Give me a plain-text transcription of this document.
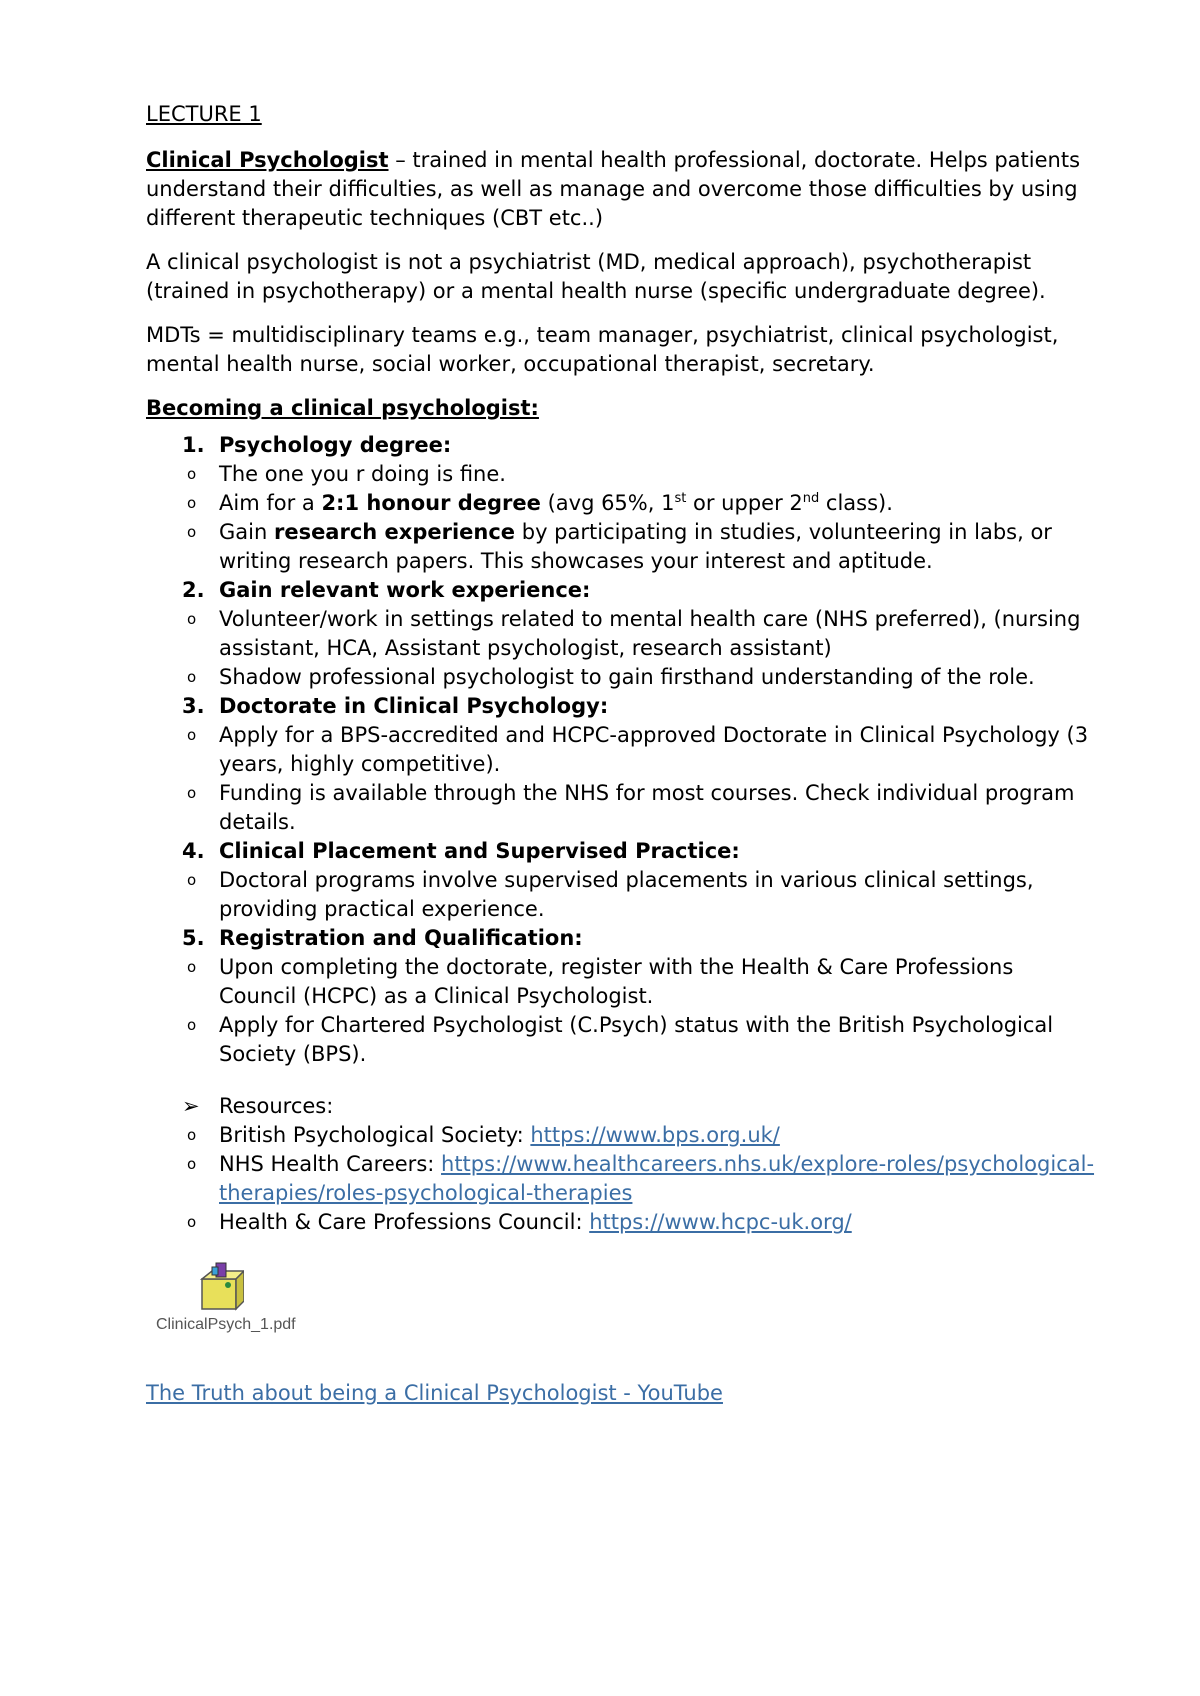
LECTURE 1

Clinical Psychologist – trained in mental health professional, doctorate. Helps patients understand their difficulties, as well as manage and overcome those difficulties by using different therapeutic techniques (CBT etc..)

A clinical psychologist is not a psychiatrist (MD, medical approach), psychotherapist (trained in psychotherapy) or a mental health nurse (specific undergraduate degree).

MDTs = multidisciplinary teams e.g., team manager, psychiatrist, clinical psychologist, mental health nurse, social worker, occupational therapist, secretary.

Becoming a clinical psychologist:

1. Psychology degree:
o The one you r doing is fine.
o Aim for a 2:1 honour degree (avg 65%, 1st or upper 2nd class).
o Gain research experience by participating in studies, volunteering in labs, or writing research papers. This showcases your interest and aptitude.
2. Gain relevant work experience:
o Volunteer/work in settings related to mental health care (NHS preferred), (nursing assistant, HCA, Assistant psychologist, research assistant)
o Shadow professional psychologist to gain firsthand understanding of the role.
3. Doctorate in Clinical Psychology:
o Apply for a BPS-accredited and HCPC-approved Doctorate in Clinical Psychology (3 years, highly competitive).
o Funding is available through the NHS for most courses. Check individual program details.
4. Clinical Placement and Supervised Practice:
o Doctoral programs involve supervised placements in various clinical settings, providing practical experience.
5. Registration and Qualification:
o Upon completing the doctorate, register with the Health & Care Professions Council (HCPC) as a Clinical Psychologist.
o Apply for Chartered Psychologist (C.Psych) status with the British Psychological Society (BPS).
➢ Resources:
o British Psychological Society: https://www.bps.org.uk/
o NHS Health Careers: https://www.healthcareers.nhs.uk/explore-roles/psychological-therapies/roles-psychological-therapies
o Health & Care Professions Council: https://www.hcpc-uk.org/
ClinicalPsych_1.pdf
The Truth about being a Clinical Psychologist - YouTube
